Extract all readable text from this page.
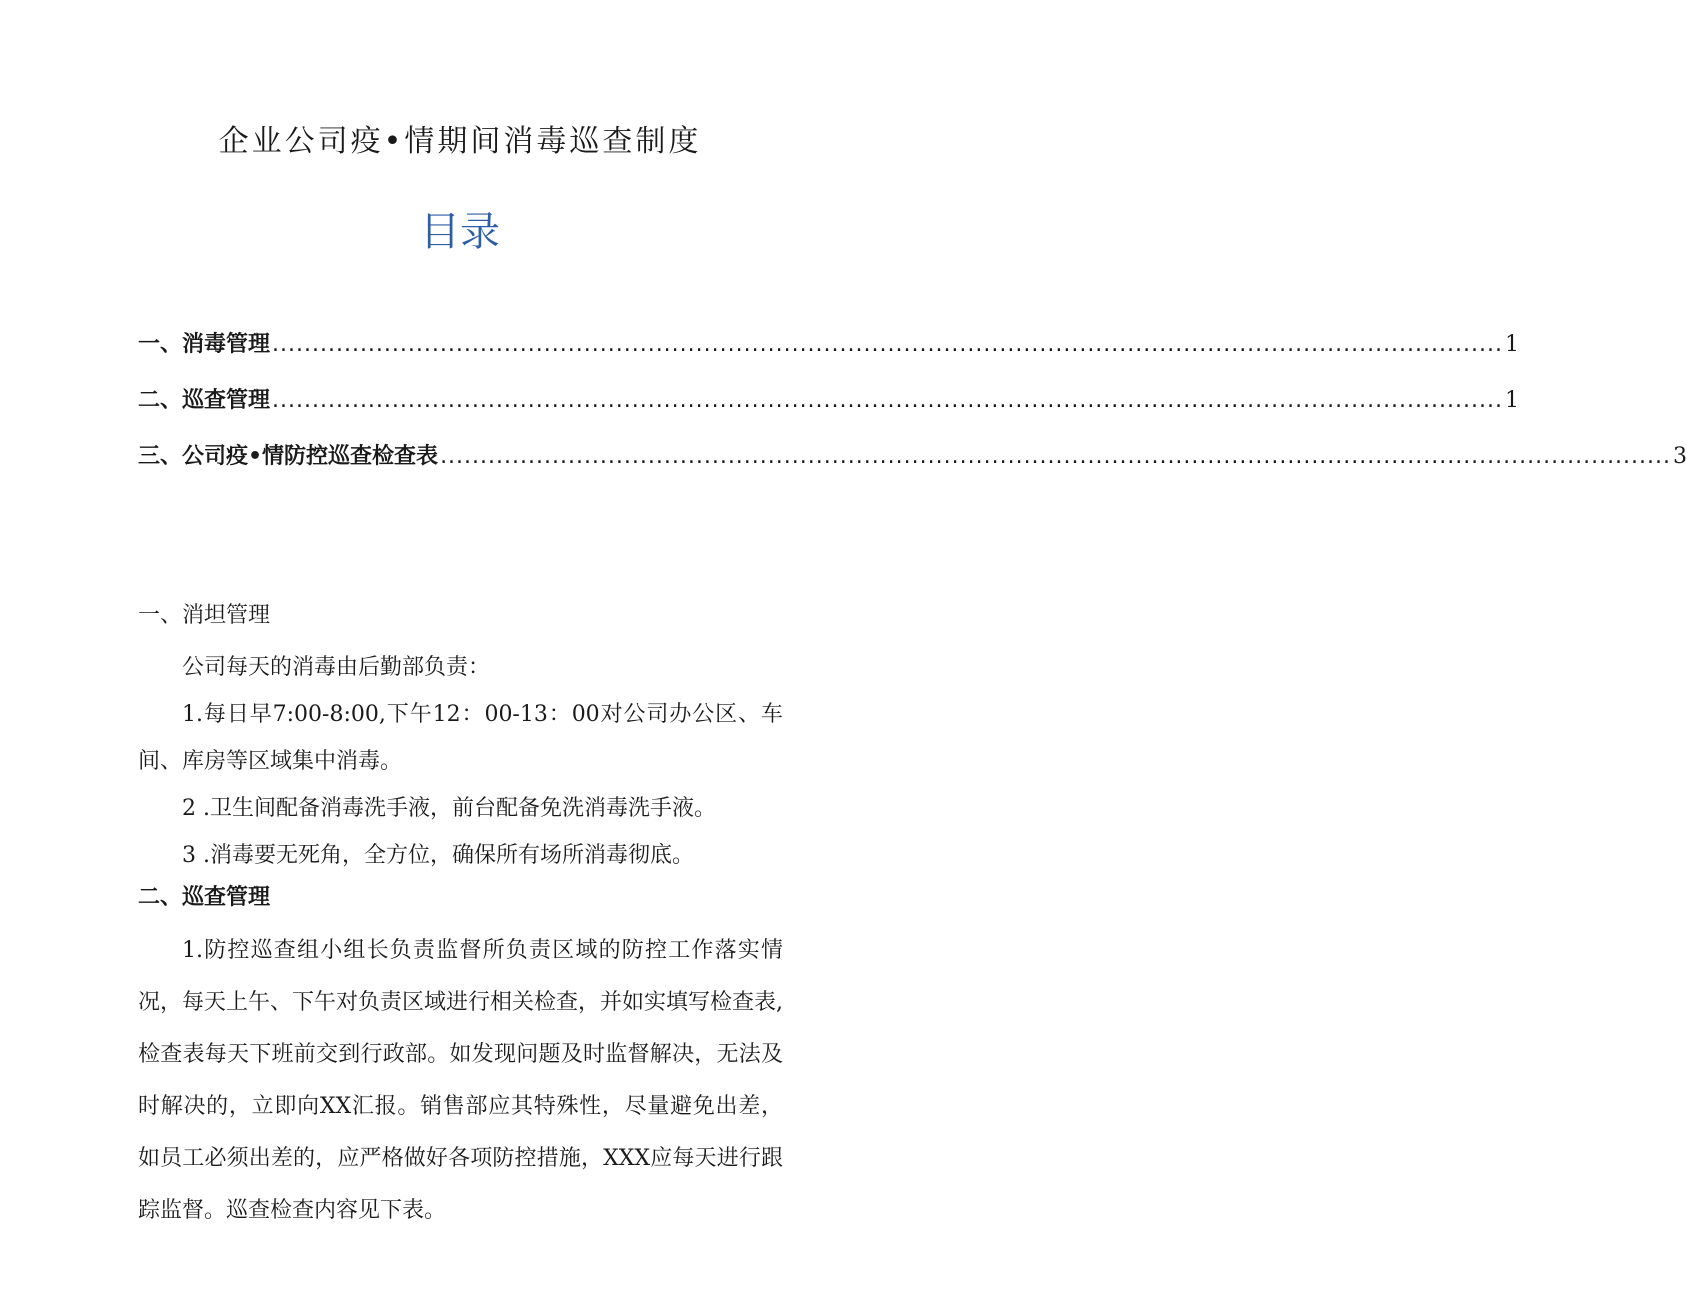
企业公司疫•情期间消毒巡查制度
目录
一、消毒管理 .......................................................................................................................................................... 1
二、巡查管理 .......................................................................................................................................................... 1
三、公司疫•情防控巡查检查表 .......................................................................................................................................................... 3
一、消坦管理

公司每天的消毒由后勤部负责：

1.每日早7:00-8:00,下午12：00-13：00对公司办公区、车间、库房等区域集中消毒。

2 .卫生间配备消毒洗手液，前台配备免洗消毒洗手液。

3 .消毒要无死角，全方位，确保所有场所消毒彻底。

二、巡查管理

1.防控巡查组小组长负责监督所负责区域的防控工作落实情况，每天上午、下午对负责区域进行相关检查，并如实填写检查表,检查表每天下班前交到行政部。如发现问题及时监督解决，无法及时解决的，立即向XX汇报。销售部应其特殊性，尽量避免出差，如员工必须出差的，应严格做好各项防控措施，XXX应每天进行跟踪监督。巡查检查内容见下表。
